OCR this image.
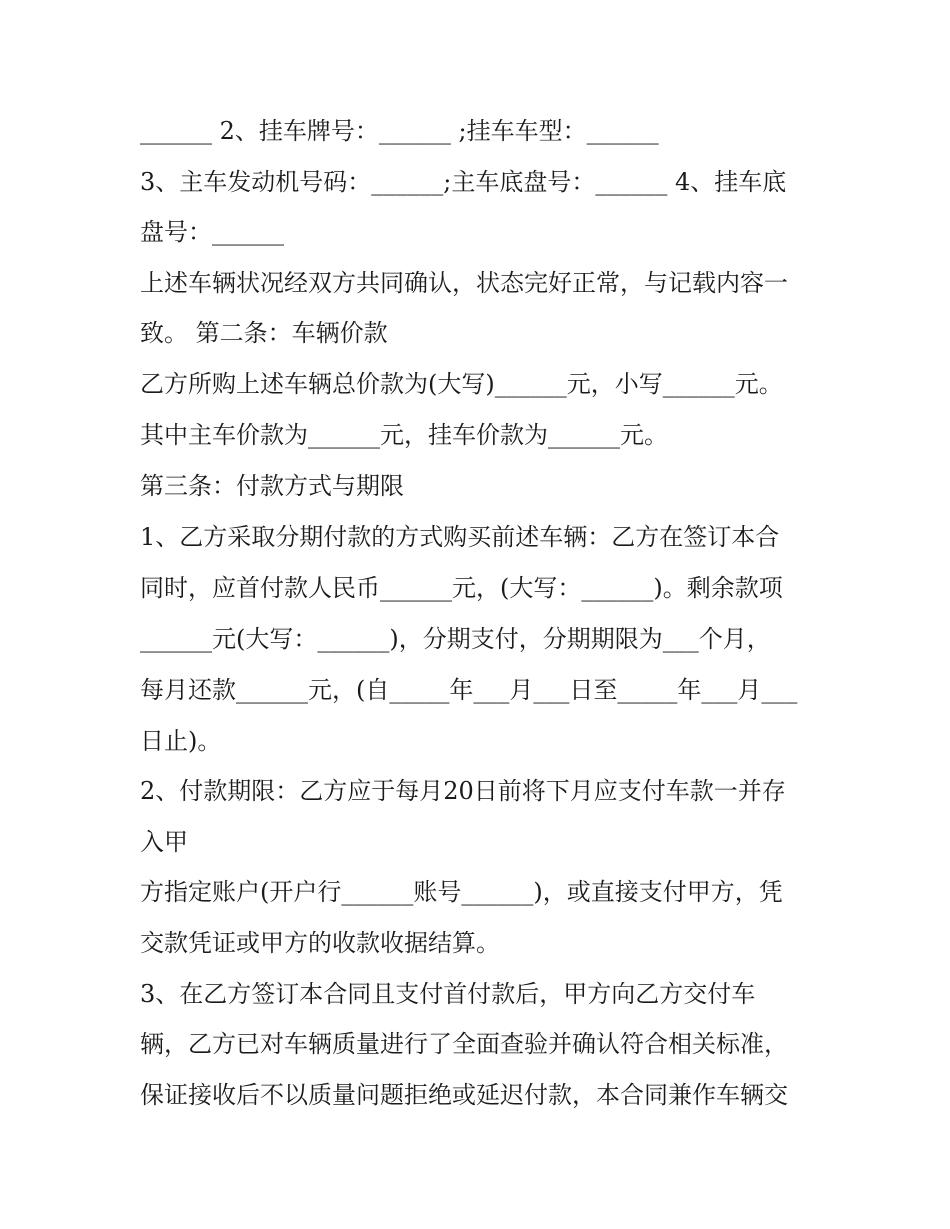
______ 2、挂车牌号：______ ;挂车车型：______
3、主车发动机号码：______;主车底盘号：______ 4、挂车底
盘号：______
上述车辆状况经双方共同确认，状态完好正常，与记载内容一
致。 第二条：车辆价款
乙方所购上述车辆总价款为(大写)______元，小写______元。
其中主车价款为______元，挂车价款为______元。
第三条：付款方式与期限
1、乙方采取分期付款的方式购买前述车辆：乙方在签订本合
同时，应首付款人民币______元，(大写：______)。剩余款项
______元(大写：______)，分期支付，分期期限为___个月，
每月还款______元，(自_____年___月___日至_____年___月___
日止)。
2、付款期限：乙方应于每月20日前将下月应支付车款一并存
入甲
方指定账户(开户行______账号______)，或直接支付甲方，凭
交款凭证或甲方的收款收据结算。
3、在乙方签订本合同且支付首付款后，甲方向乙方交付车
辆，乙方已对车辆质量进行了全面查验并确认符合相关标准，
保证接收后不以质量问题拒绝或延迟付款，本合同兼作车辆交
